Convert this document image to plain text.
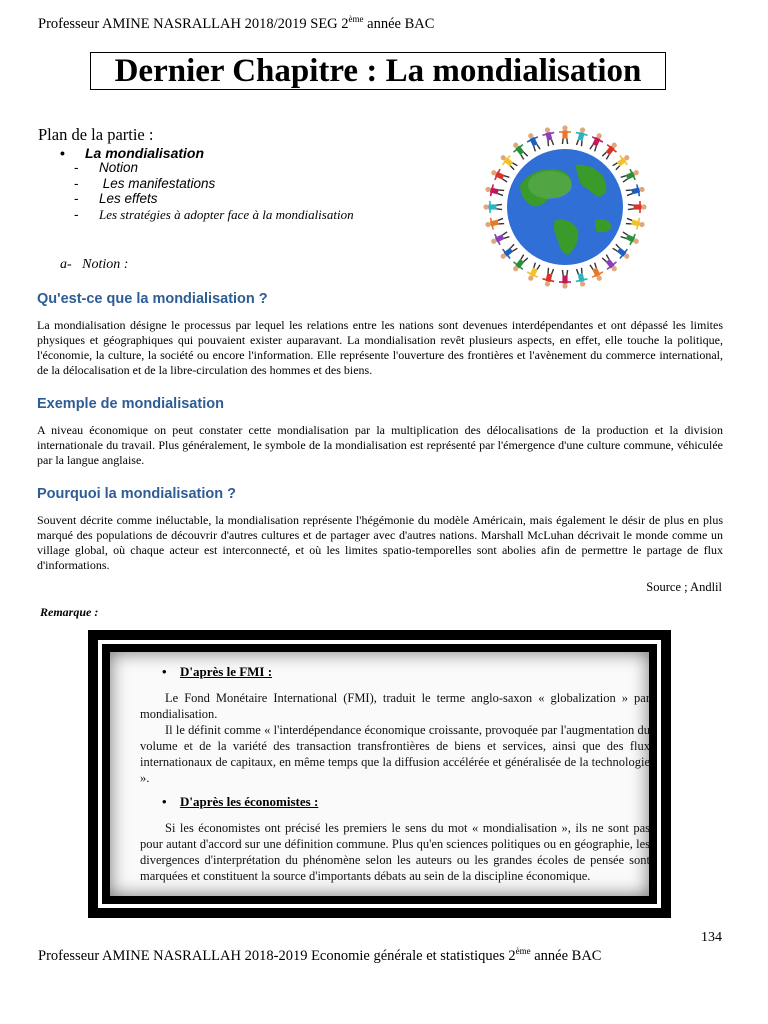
Professeur AMINE NASRALLAH 2018/2019 SEG 2ème année BAC
Dernier Chapitre : La mondialisation
Plan de la partie :
• La mondialisation
- Notion
- Les manifestations
- Les effets
- Les stratégies à adopter face à la mondialisation
a-   Notion :
Qu'est-ce que la mondialisation ?
La mondialisation désigne le processus par lequel les relations entre les nations sont devenues interdépendantes et ont dépassé les limites physiques et géographiques qui pouvaient exister auparavant. La mondialisation revêt plusieurs aspects, en effet, elle touche la politique, l'économie, la culture, la société ou encore l'information. Elle représente l'ouverture des frontières et l'avènement du commerce international, de la délocalisation et de la libre-circulation des hommes et des biens.
Exemple de mondialisation
A niveau économique on peut constater cette mondialisation par la multiplication des délocalisations de la production et la division internationale du travail. Plus généralement, le symbole de la mondialisation est représenté par l'émergence d'une culture commune, véhiculée par la langue anglaise.
Pourquoi la mondialisation ?
Souvent décrite comme inéluctable, la mondialisation représente l'hégémonie du modèle Américain, mais également le désir de plus en plus marqué des populations de découvrir d'autres cultures et de partager avec d'autres nations. Marshall McLuhan décrivait le monde comme un village global, où chaque acteur est interconnecté, et où les limites spatio-temporelles sont abolies afin de permettre le partage de flux d'informations.
Source ; Andlil
Remarque :
• D'après le FMI :
Le Fond Monétaire International (FMI), traduit le terme anglo-saxon « globalization » par mondialisation.
Il le définit comme « l'interdépendance économique croissante, provoquée par l'augmentation du volume et de la variété des transaction transfrontières de biens et services, ainsi que des flux internationaux de capitaux, en même temps que la diffusion accélérée et généralisée de la technologie ».
• D'après les économistes :
Si les économistes ont précisé les premiers le sens du mot « mondialisation », ils ne sont pas pour autant d'accord sur une définition commune. Plus qu'en sciences politiques ou en géographie, les divergences d'interprétation du phénomène selon les auteurs ou les grandes écoles de pensée sont marquées et constituent la source d'importants débats au sein de la discipline économique.
134
Professeur AMINE NASRALLAH 2018-2019 Economie générale et statistiques 2ème année BAC
